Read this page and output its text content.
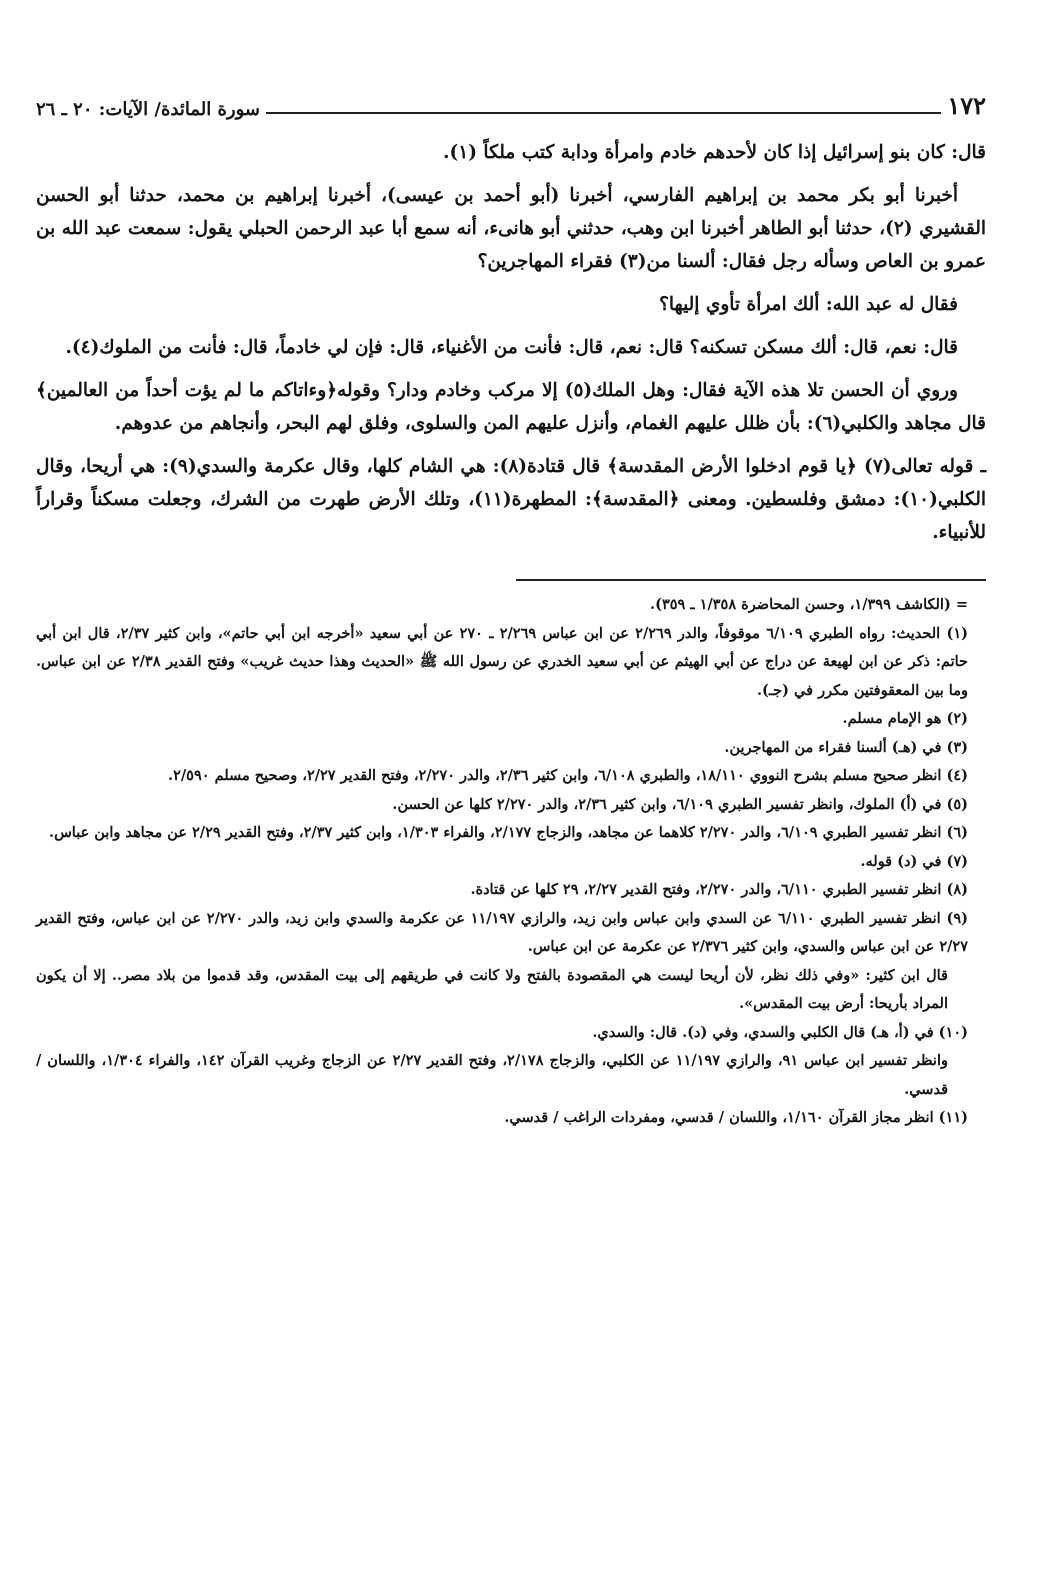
١٧٢
سورة المائدة/ الآيات: ٢٠ ـ ٢٦

قال: كان بنو إسرائيل إذا كان لأحدهم خادم وامرأة ودابة كتب ملكاً (١).

أخبرنا أبو بكر محمد بن إبراهيم الفارسي، أخبرنا (أبو أحمد بن عيسى)، أخبرنا إبراهيم بن محمد، حدثنا أبو الحسن القشيري (٢)، حدثنا أبو الطاهر أخبرنا ابن وهب، حدثني أبو هانىء، أنه سمع أبا عبد الرحمن الحبلي يقول: سمعت عبد الله بن عمرو بن العاص وسأله رجل فقال: ألسنا من(٣) فقراء المهاجرين؟

فقال له عبد الله: ألك امرأة تأوي إليها؟

قال: نعم، قال: ألك مسكن تسكنه؟ قال: نعم، قال: فأنت من الأغنياء، قال: فإن لي خادماً، قال: فأنت من الملوك(٤).

وروي أن الحسن تلا هذه الآية فقال: وهل الملك(٥) إلا مركب وخادم ودار؟ وقوله﴿وءاتاكم ما لم يؤت أحداً من العالمين﴾ قال مجاهد والكلبي(٦): بأن ظلل عليهم الغمام، وأنزل عليهم المن والسلوى، وفلق لهم البحر، وأنجاهم من عدوهم.

ـ قوله تعالى(٧) ﴿يا قوم ادخلوا الأرض المقدسة﴾ قال قتادة(٨): هي الشام كلها، وقال عكرمة والسدي(٩): هي أريحا، وقال الكلبي(١٠): دمشق وفلسطين. ومعنى ﴿المقدسة﴾: المطهرة(١١)، وتلك الأرض طهرت من الشرك، وجعلت مسكناً وقراراً للأنبياء.

= (الكاشف ١/٣٩٩، وحسن المحاضرة ١/٣٥٨ ـ ٣٥٩).

(١) الحديث: رواه الطبري ٦/١٠٩ موقوفاً، والدر ٢/٢٦٩ عن ابن عباس ٢/٢٦٩ ـ ٢٧٠ عن أبي سعيد «أخرجه ابن أبي حاتم»، وابن كثير ٢/٣٧، قال ابن أبي حاتم: ذكر عن ابن لهيعة عن دراج عن أبي الهيثم عن أبي سعيد الخدري عن رسول الله ﷺ «الحديث وهذا حديث غريب» وفتح القدير ٢/٣٨ عن ابن عباس. وما بين المعقوفتين مكرر في (جـ).

(٢) هو الإمام مسلم.

(٣) في (هـ) ألسنا فقراء من المهاجرين.

(٤) انظر صحيح مسلم بشرح النووي ١٨/١١٠، والطبري ٦/١٠٨، وابن كثير ٢/٣٦، والدر ٢/٢٧٠، وفتح القدير ٢/٢٧، وصحيح مسلم ٢/٥٩٠.

(٥) في (أ) الملوك، وانظر تفسير الطبري ٦/١٠٩، وابن كثير ٢/٣٦، والدر ٢/٢٧٠ كلها عن الحسن.

(٦) انظر تفسير الطبري ٦/١٠٩، والدر ٢/٢٧٠ كلاهما عن مجاهد، والزجاج ٢/١٧٧، والفراء ١/٣٠٣، وابن كثير ٢/٣٧، وفتح القدير ٢/٢٩ عن مجاهد وابن عباس.

(٧) في (د) قوله.

(٨) انظر تفسير الطبري ٦/١١٠، والدر ٢/٢٧٠، وفتح القدير ٢/٢٧، ٢٩ كلها عن قتادة.

(٩) انظر تفسير الطبري ٦/١١٠ عن السدي وابن عباس وابن زيد، والرازي ١١/١٩٧ عن عكرمة والسدي وابن زيد، والدر ٢/٢٧٠ عن ابن عباس، وفتح القدير ٢/٢٧ عن ابن عباس والسدي، وابن كثير ٢/٣٧٦ عن عكرمة عن ابن عباس.

قال ابن كثير: «وفي ذلك نظر، لأن أريحا ليست هي المقصودة بالفتح ولا كانت في طريقهم إلى بيت المقدس، وقد قدموا من بلاد مصر.. إلا أن يكون المراد بأريحا: أرض بيت المقدس».

(١٠) في (أ، هـ) قال الكلبي والسدي، وفي (د). قال: والسدي.

وانظر تفسير ابن عباس ٩١، والرازي ١١/١٩٧ عن الكلبي، والزجاج ٢/١٧٨، وفتح القدير ٢/٢٧ عن الزجاج وغريب القرآن ١٤٢، والفراء ١/٣٠٤، واللسان / قدسي.

(١١) انظر مجاز القرآن ١/١٦٠، واللسان / قدسي، ومفردات الراغب / قدسي.
